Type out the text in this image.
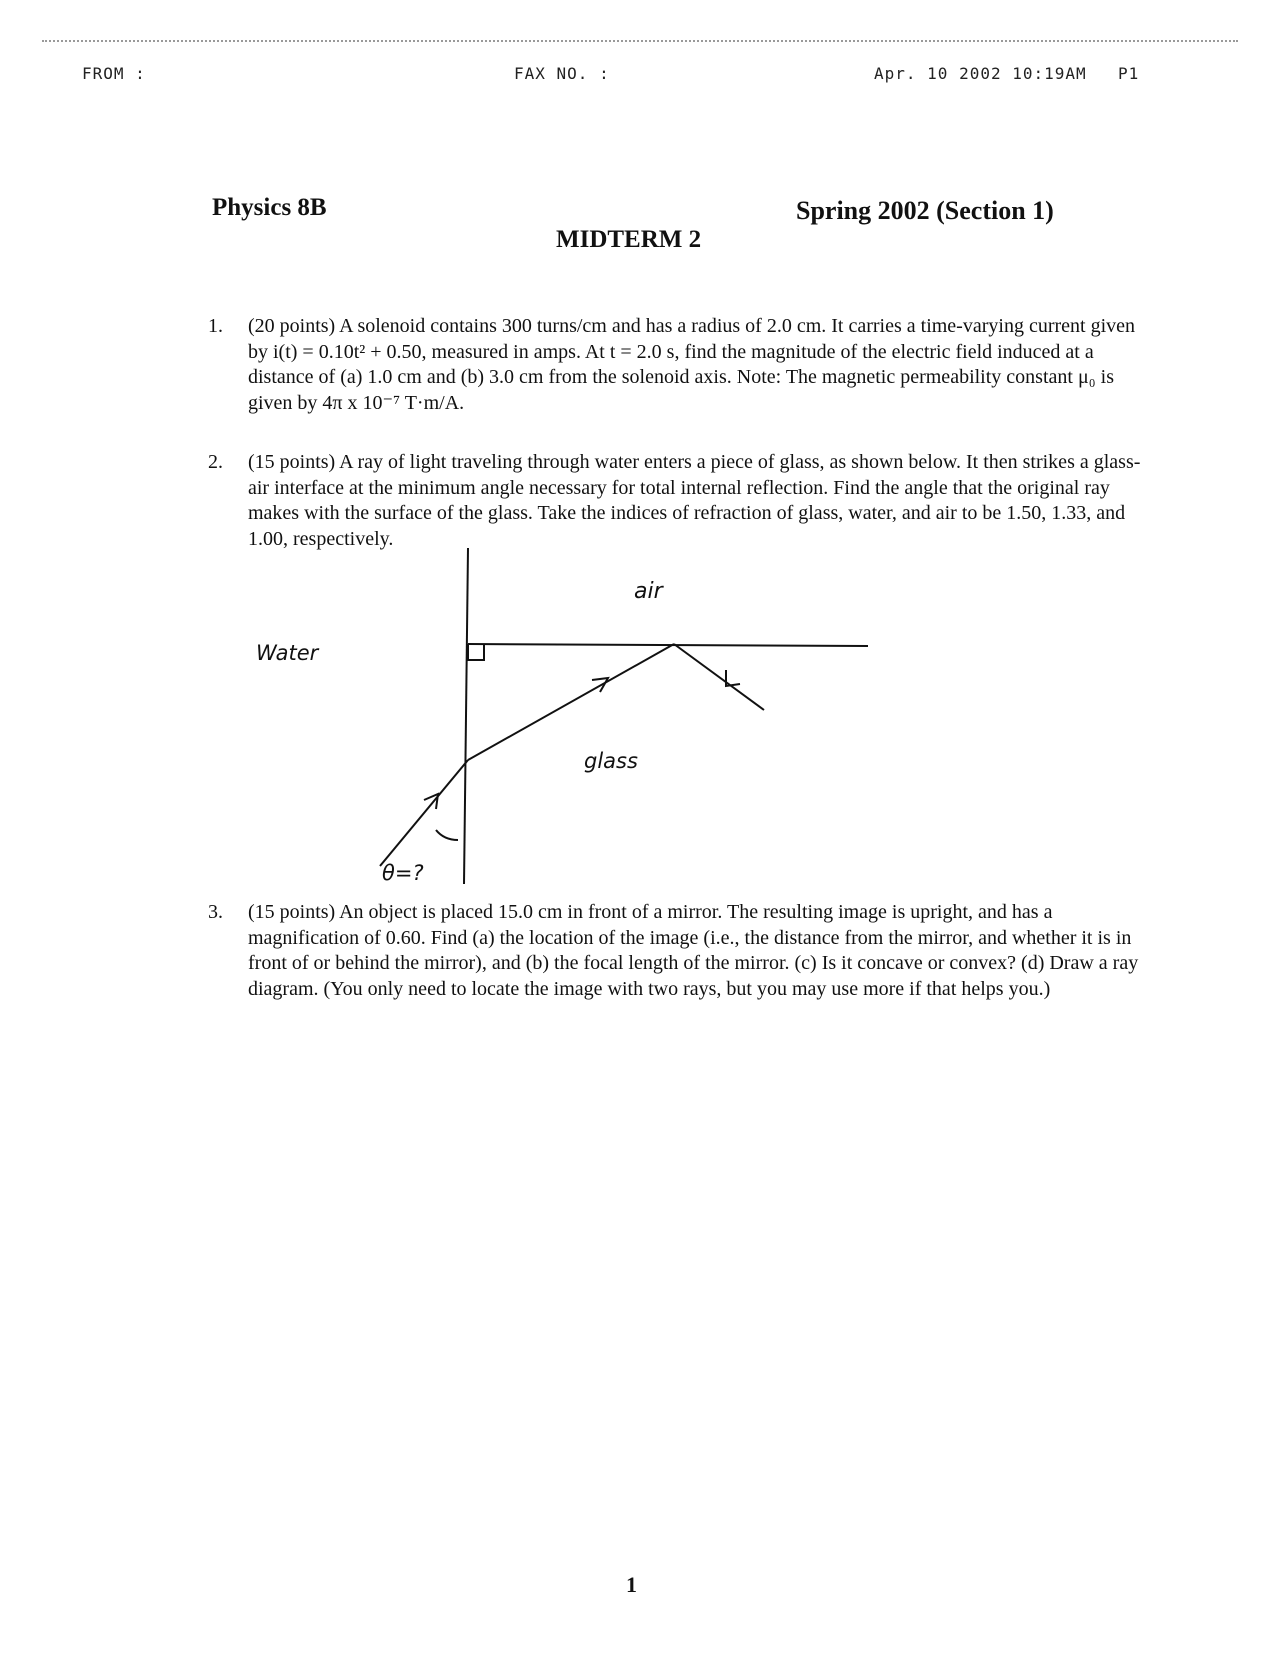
FROM :	FAX NO. :	Apr. 10 2002 10:19AM P1
Physics 8B	Spring 2002 (Section 1)
MIDTERM 2
1. (20 points) A solenoid contains 300 turns/cm and has a radius of 2.0 cm. It carries a time-varying current given by i(t) = 0.10t² + 0.50, measured in amps. At t = 2.0 s, find the magnitude of the electric field induced at a distance of (a) 1.0 cm and (b) 3.0 cm from the solenoid axis. Note: The magnetic permeability constant μ₀ is given by 4π x 10⁻⁷ T·m/A.
2. (15 points) A ray of light traveling through water enters a piece of glass, as shown below. It then strikes a glass-air interface at the minimum angle necessary for total internal reflection. Find the angle that the original ray makes with the surface of the glass. Take the indices of refraction of glass, water, and air to be 1.50, 1.33, and 1.00, respectively.
air
Water
glass
θ=?
3. (15 points) An object is placed 15.0 cm in front of a mirror. The resulting image is upright, and has a magnification of 0.60. Find (a) the location of the image (i.e., the distance from the mirror, and whether it is in front of or behind the mirror), and (b) the focal length of the mirror. (c) Is it concave or convex? (d) Draw a ray diagram. (You only need to locate the image with two rays, but you may use more if that helps you.)
1
